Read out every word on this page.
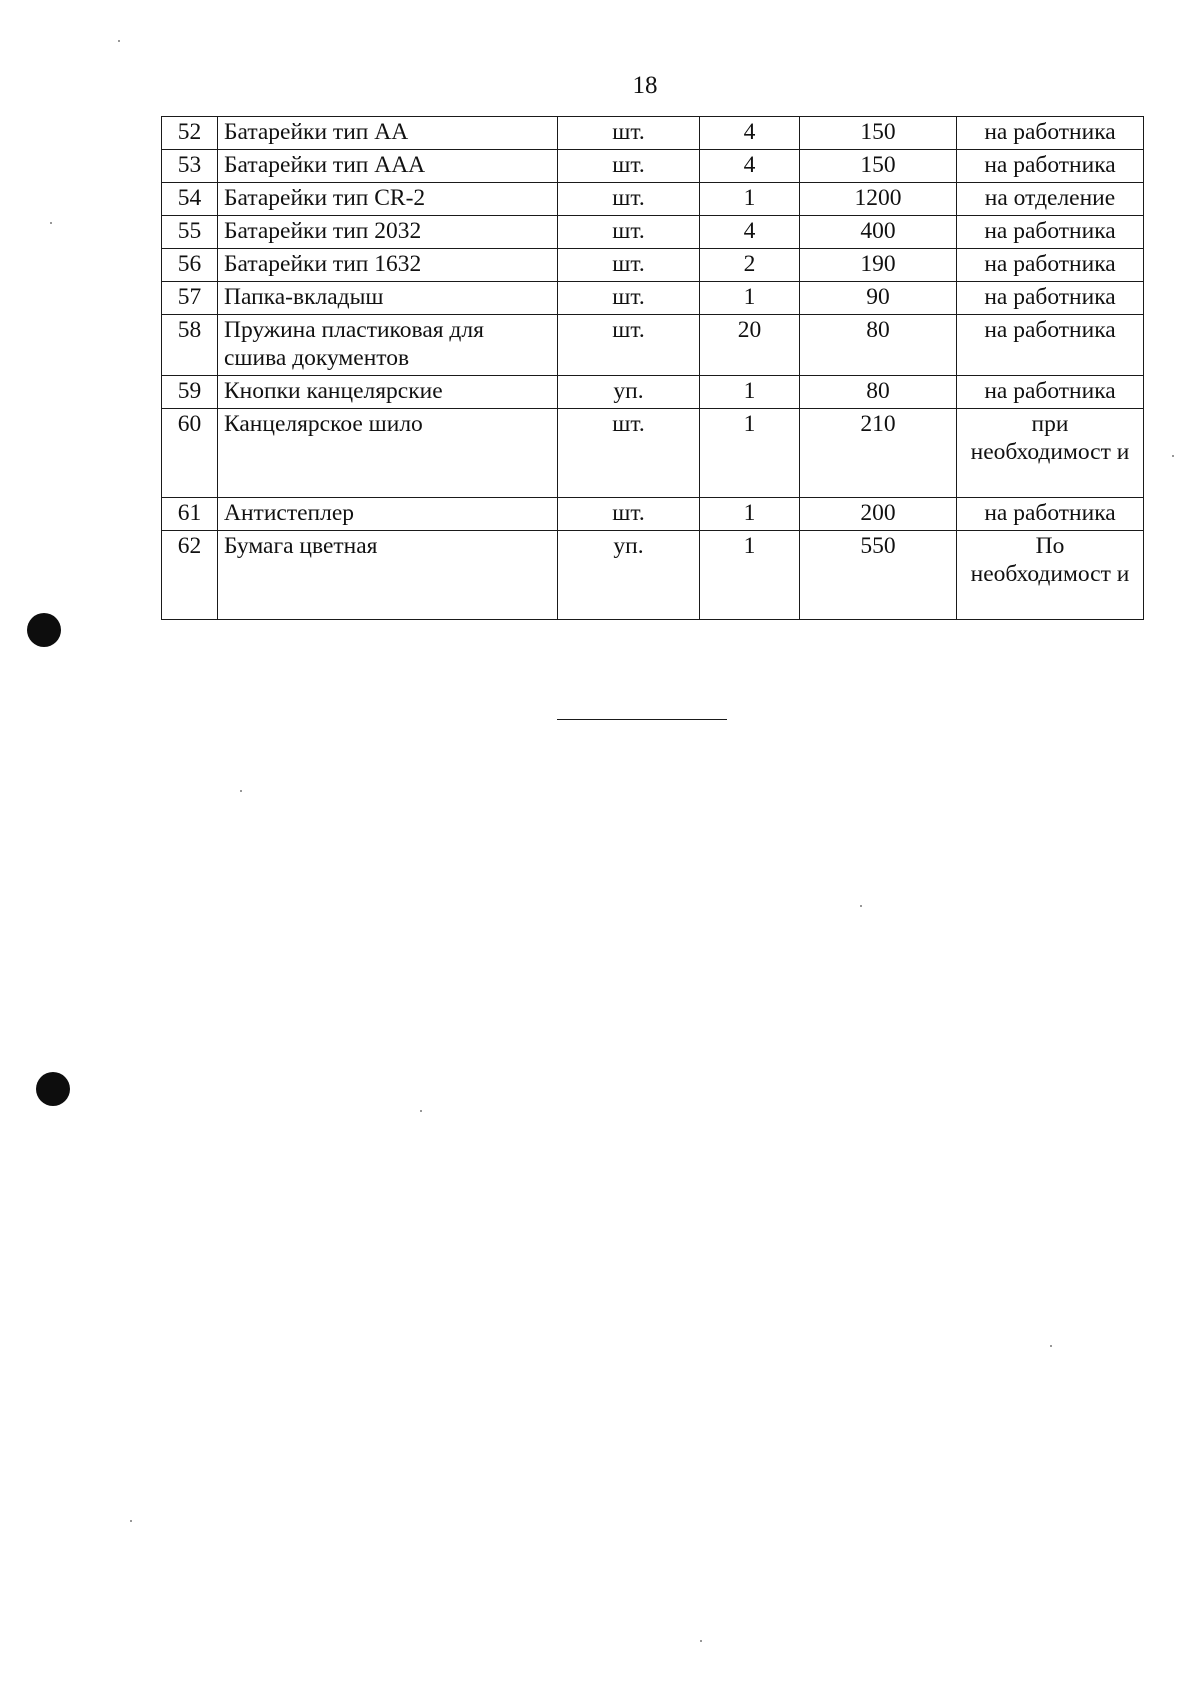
18
52	Батарейки тип АА	шт.	4	150	на работника
53	Батарейки тип ААА	шт.	4	150	на работника
54	Батарейки тип CR-2	шт.	1	1200	на отделение
55	Батарейки тип 2032	шт.	4	400	на работника
56	Батарейки тип 1632	шт.	2	190	на работника
57	Папка-вкладыш	шт.	1	90	на работника
58	Пружина пластиковая для сшива документов	шт.	20	80	на работника
59	Кнопки канцелярские	уп.	1	80	на работника
60	Канцелярское шило	шт.	1	210	при необходимост и
61	Антистеплер	шт.	1	200	на работника
62	Бумага цветная	уп.	1	550	По необходимост и
